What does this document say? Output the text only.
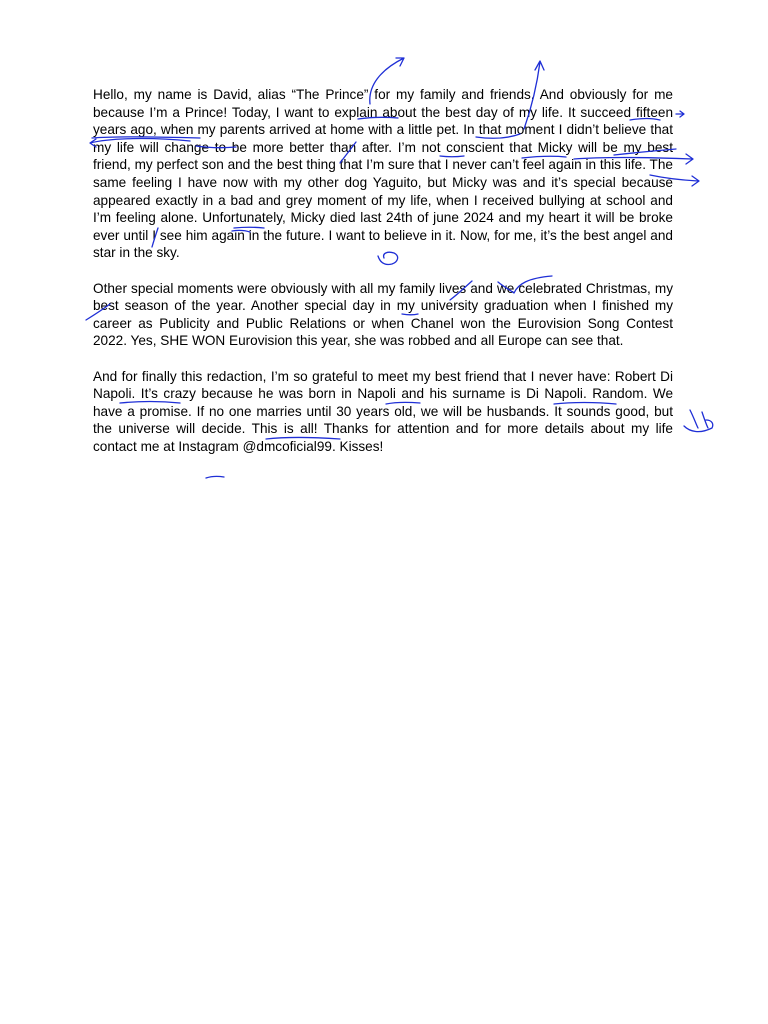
Hello, my name is David, alias “The Prince” for my family and friends. And obviously for me because I’m a Prince! Today, I want to explain about the best day of my life. It succeed fifteen years ago, when my parents arrived at home with a little pet. In that moment I didn’t believe that my life will change to be more better than after. I’m not conscient that Micky will be my best friend, my perfect son and the best thing that I’m sure that I never can’t feel again in this life. The same feeling I have now with my other dog Yaguito, but Micky was and it’s special because appeared exactly in a bad and grey moment of my life, when I received bullying at school and I’m feeling alone. Unfortunately, Micky died last 24th of june 2024 and my heart it will be broke ever until I see him again in the future. I want to believe in it. Now, for me, it’s the best angel and star in the sky.

Other special moments were obviously with all my family lives and we celebrated Christmas, my best season of the year. Another special day in my university graduation when I finished my career as Publicity and Public Relations or when Chanel won the Eurovision Song Contest 2022. Yes, SHE WON Eurovision this year, she was robbed and all Europe can see that.

And for finally this redaction, I’m so grateful to meet my best friend that I never have: Robert Di Napoli. It’s crazy because he was born in Napoli and his surname is Di Napoli. Random. We have a promise. If no one marries until 30 years old, we will be husbands. It sounds good, but the universe will decide. This is all! Thanks for attention and for more details about my life contact me at Instagram @dmcoficial99. Kisses!
